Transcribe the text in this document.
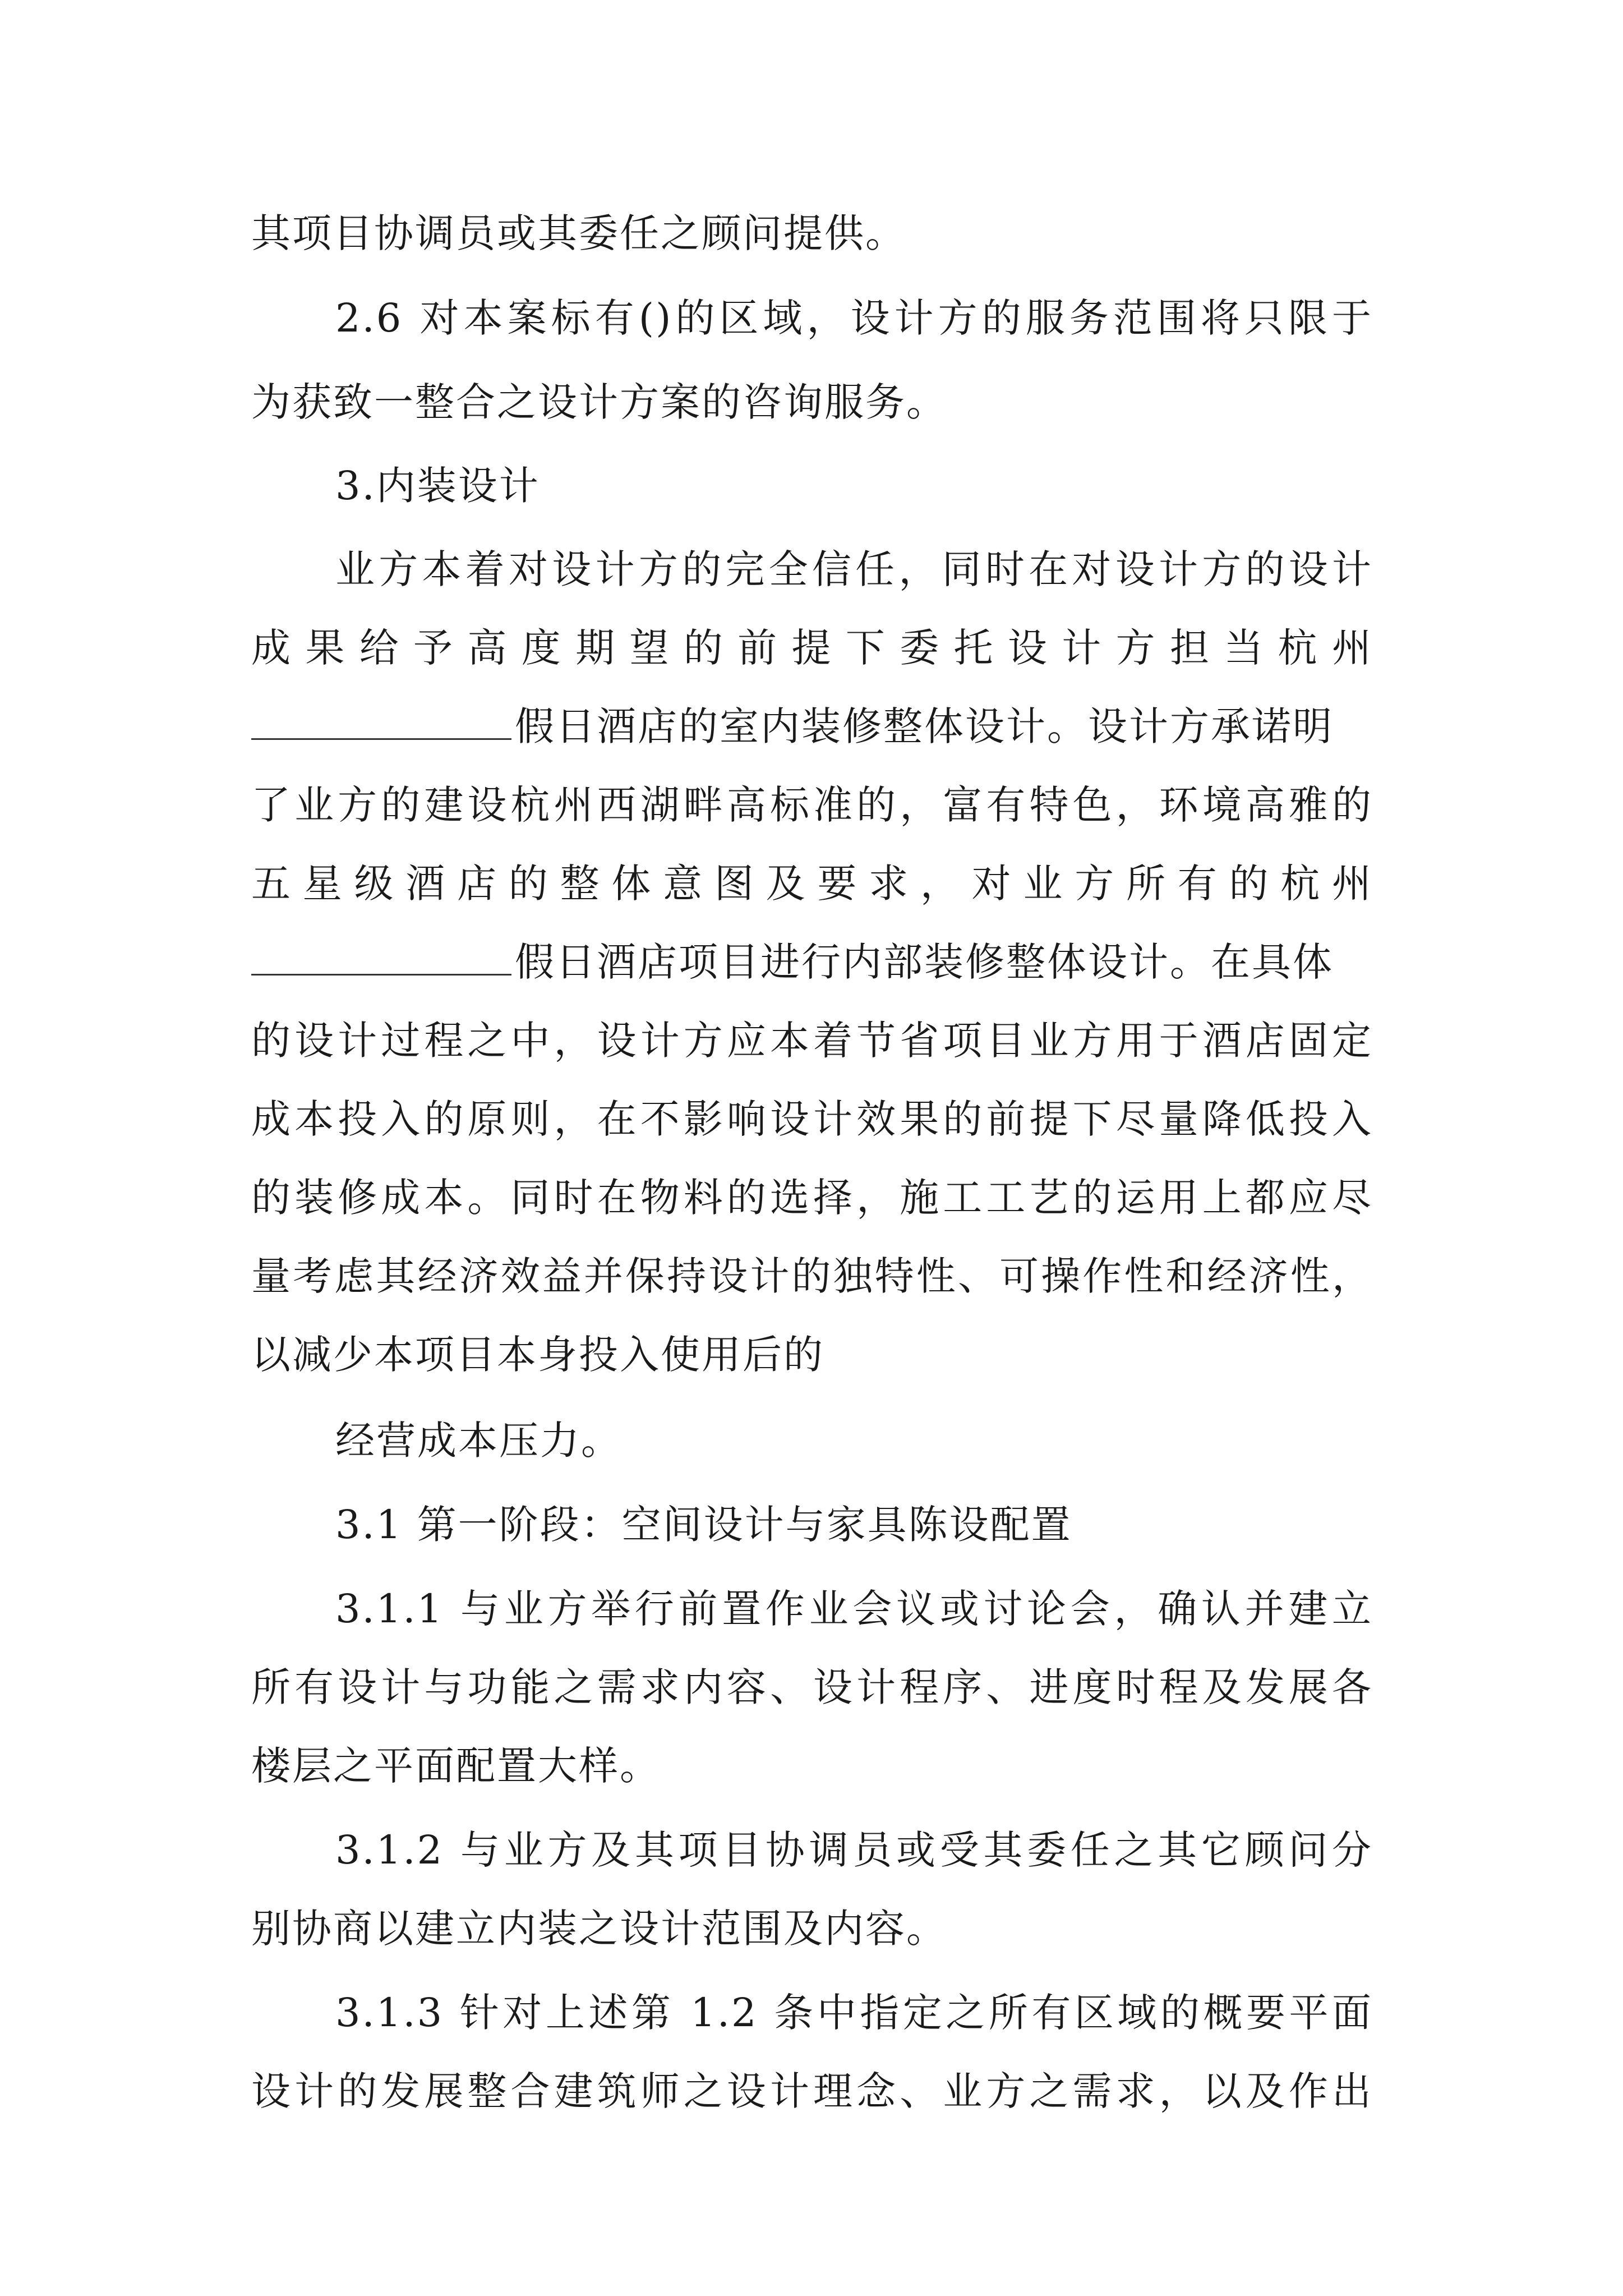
其项目协调员或其委任之顾问提供。
2.6 对本案标有()的区域，设计方的服务范围将只限于
为获致一整合之设计方案的咨询服务。
3.内装设计
业方本着对设计方的完全信任，同时在对设计方的设计
成果给予高度期望的前提下委托设计方担当杭州
假日酒店的室内装修整体设计。设计方承诺明
了业方的建设杭州西湖畔高标准的，富有特色，环境高雅的
五星级酒店的整体意图及要求，对业方所有的杭州
假日酒店项目进行内部装修整体设计。在具体
的设计过程之中，设计方应本着节省项目业方用于酒店固定
成本投入的原则，在不影响设计效果的前提下尽量降低投入
的装修成本。同时在物料的选择，施工工艺的运用上都应尽
量考虑其经济效益并保持设计的独特性、可操作性和经济性，
以减少本项目本身投入使用后的
经营成本压力。
3.1 第一阶段：空间设计与家具陈设配置
3.1.1 与业方举行前置作业会议或讨论会，确认并建立
所有设计与功能之需求内容、设计程序、进度时程及发展各
楼层之平面配置大样。
3.1.2 与业方及其项目协调员或受其委任之其它顾问分
别协商以建立内装之设计范围及内容。
3.1.3 针对上述第 1.2 条中指定之所有区域的概要平面
设计的发展整合建筑师之设计理念、业方之需求，以及作出
